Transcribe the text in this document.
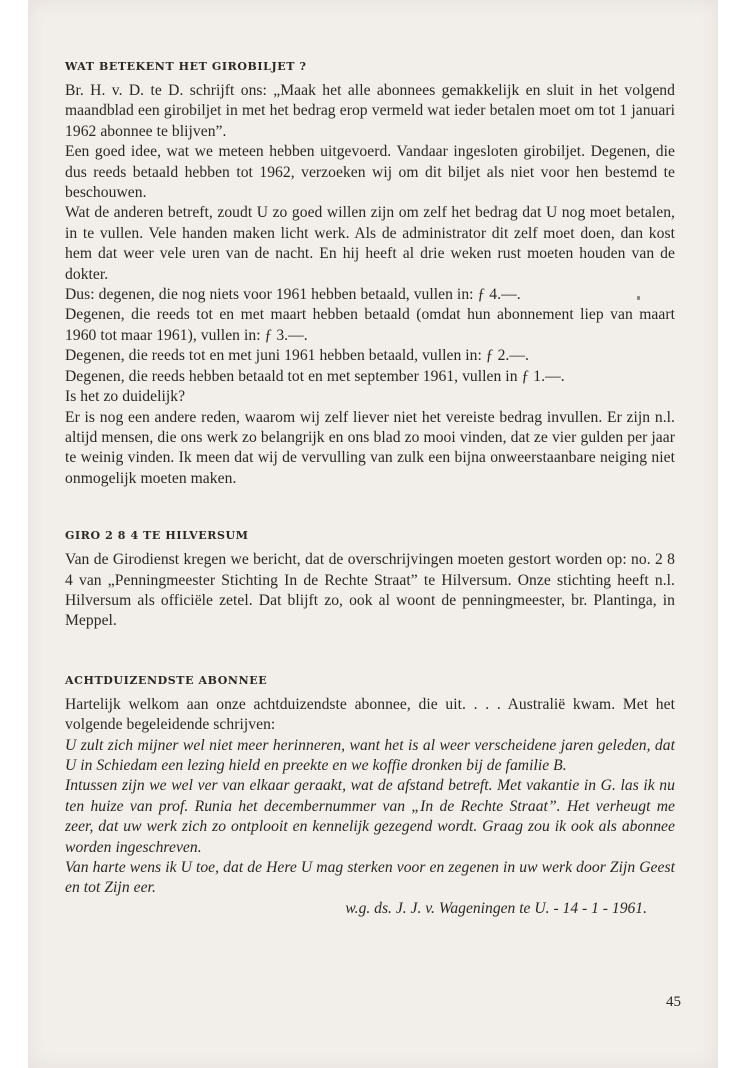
WAT BETEKENT HET GIROBILJET ?

Br. H. v. D. te D. schrijft ons: „Maak het alle abonnees gemakkelijk en sluit in het volgend maandblad een girobiljet in met het bedrag erop vermeld wat ieder betalen moet om tot 1 januari 1962 abonnee te blijven”.

Een goed idee, wat we meteen hebben uitgevoerd. Vandaar ingesloten girobiljet. Degenen, die dus reeds betaald hebben tot 1962, verzoeken wij om dit biljet als niet voor hen bestemd te beschouwen.

Wat de anderen betreft, zoudt U zo goed willen zijn om zelf het bedrag dat U nog moet betalen, in te vullen. Vele handen maken licht werk. Als de administrator dit zelf moet doen, dan kost hem dat weer vele uren van de nacht. En hij heeft al drie weken rust moeten houden van de dokter.

Dus: degenen, die nog niets voor 1961 hebben betaald, vullen in: ƒ 4.—.

Degenen, die reeds tot en met maart hebben betaald (omdat hun abonnement liep van maart 1960 tot maar 1961), vullen in: ƒ 3.—.

Degenen, die reeds tot en met juni 1961 hebben betaald, vullen in: ƒ 2.—.

Degenen, die reeds hebben betaald tot en met september 1961, vullen in ƒ 1.—.

Is het zo duidelijk?

Er is nog een andere reden, waarom wij zelf liever niet het vereiste bedrag invullen. Er zijn n.l. altijd mensen, die ons werk zo belangrijk en ons blad zo mooi vinden, dat ze vier gulden per jaar te weinig vinden. Ik meen dat wij de vervulling van zulk een bijna onweerstaanbare neiging niet onmogelijk moeten maken.

GIRO 2 8 4 TE HILVERSUM

Van de Girodienst kregen we bericht, dat de overschrijvingen moeten gestort worden op: no. 2 8 4 van „Penningmeester Stichting In de Rechte Straat” te Hilversum. Onze stichting heeft n.l. Hilversum als officiële zetel. Dat blijft zo, ook al woont de penningmeester, br. Plantinga, in Meppel.

ACHTDUIZENDSTE ABONNEE

Hartelijk welkom aan onze achtduizendste abonnee, die uit. . . . Australië kwam. Met het volgende begeleidende schrijven:

U zult zich mijner wel niet meer herinneren, want het is al weer verscheidene jaren geleden, dat U in Schiedam een lezing hield en preekte en we koffie dronken bij de familie B.

Intussen zijn we wel ver van elkaar geraakt, wat de afstand betreft. Met vakantie in G. las ik nu ten huize van prof. Runia het decembernummer van „In de Rechte Straat”. Het verheugt me zeer, dat uw werk zich zo ontplooit en kennelijk gezegend wordt. Graag zou ik ook als abonnee worden ingeschreven.

Van harte wens ik U toe, dat de Here U mag sterken voor en zegenen in uw werk door Zijn Geest en tot Zijn eer.

w.g. ds. J. J. v. Wageningen te U. - 14 - 1 - 1961.
45
